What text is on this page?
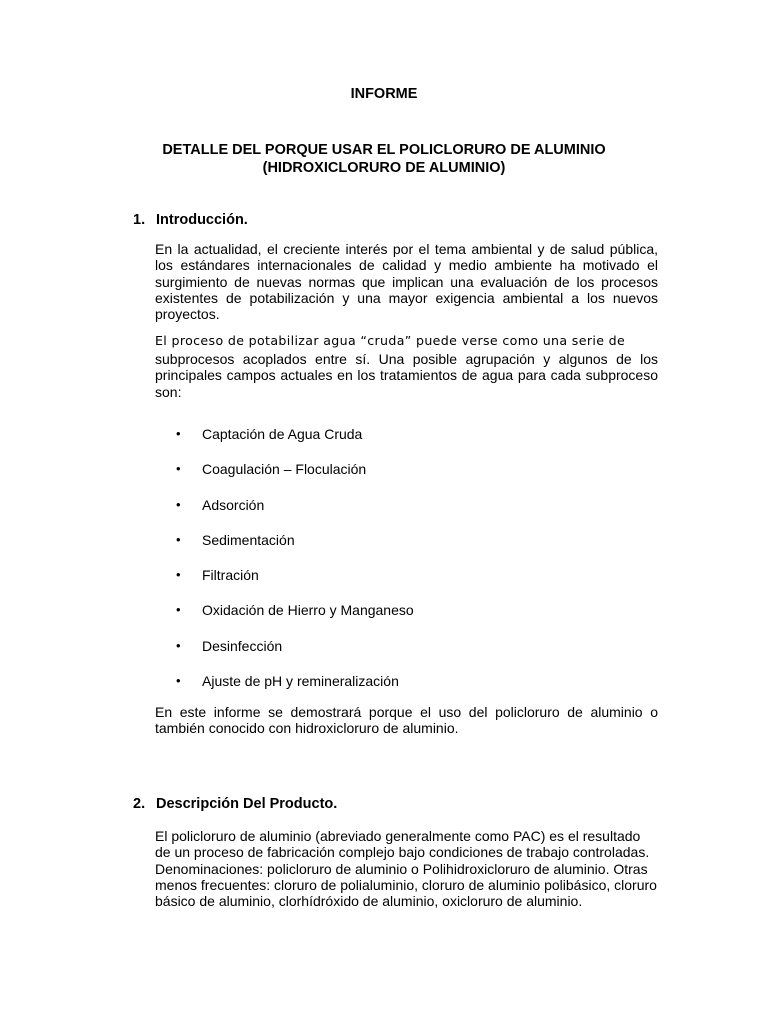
INFORME
DETALLE DEL PORQUE USAR EL POLICLORURO DE ALUMINIO
(HIDROXICLORURO DE ALUMINIO)
1. Introducción.
En la actualidad, el creciente interés por el tema ambiental y de salud pública, los estándares internacionales de calidad y medio ambiente ha motivado el surgimiento de nuevas normas que implican una evaluación de los procesos existentes de potabilización y una mayor exigencia ambiental a los nuevos proyectos.
El proceso de potabilizar agua “cruda” puede verse como una serie de
subprocesos acoplados entre sí. Una posible agrupación y algunos de los principales campos actuales en los tratamientos de agua para cada subproceso son:
• Captación de Agua Cruda
• Coagulación – Floculación
• Adsorción
• Sedimentación
• Filtración
• Oxidación de Hierro y Manganeso
• Desinfección
• Ajuste de pH y remineralización
En este informe se demostrará porque el uso del policloruro de aluminio o también conocido con hidroxicloruro de aluminio.
2. Descripción Del Producto.
El policloruro de aluminio (abreviado generalmente como PAC) es el resultado
de un proceso de fabricación complejo bajo condiciones de trabajo controladas.
Denominaciones: policloruro de aluminio o Polihidroxicloruro de aluminio. Otras
menos frecuentes: cloruro de polialuminio, cloruro de aluminio polibásico, cloruro
básico de aluminio, clorhídróxido de aluminio, oxicloruro de aluminio.
